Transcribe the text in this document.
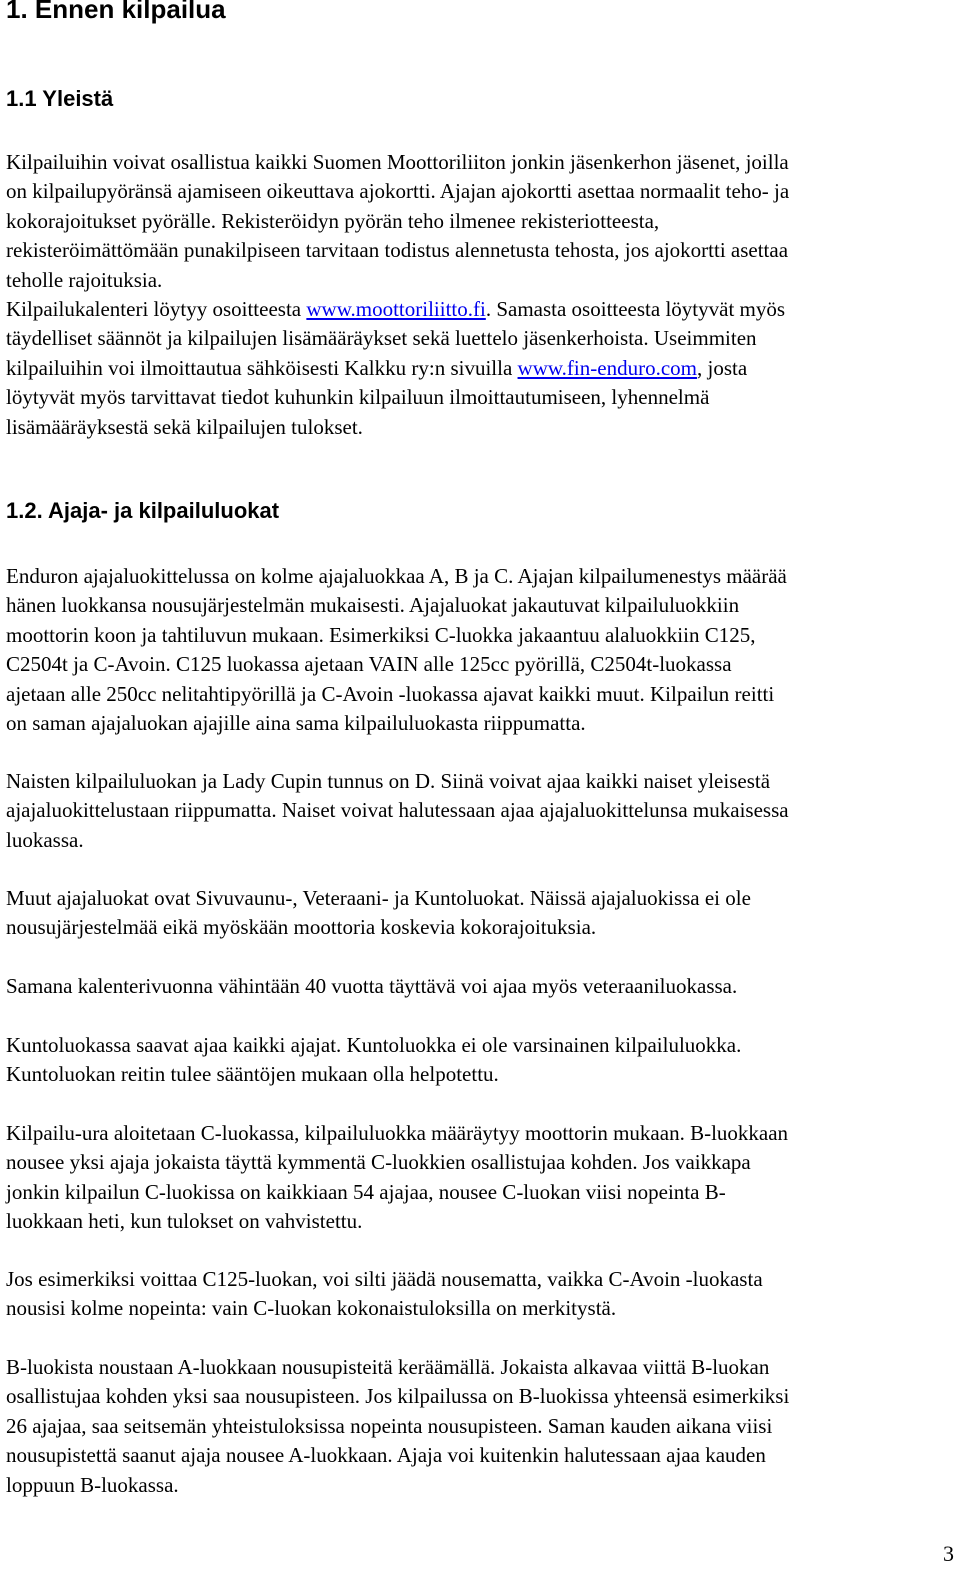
1. Ennen kilpailua
1.1 Yleistä
Kilpailuihin voivat osallistua kaikki Suomen Moottoriliiton jonkin jäsenkerhon jäsenet, joilla
on kilpailupyöränsä ajamiseen oikeuttava ajokortti. Ajajan ajokortti asettaa normaalit teho- ja
kokorajoitukset pyörälle. Rekisteröidyn pyörän teho ilmenee rekisteriotteesta,
rekisteröimättömään punakilpiseen tarvitaan todistus alennetusta tehosta, jos ajokortti asettaa
teholle rajoituksia.
Kilpailukalenteri löytyy osoitteesta www.moottoriliitto.fi. Samasta osoitteesta löytyvät myös
täydelliset säännöt ja kilpailujen lisämääräykset sekä luettelo jäsenkerhoista. Useimmiten
kilpailuihin voi ilmoittautua sähköisesti Kalkku ry:n sivuilla www.fin-enduro.com, josta
löytyvät myös tarvittavat tiedot kuhunkin kilpailuun ilmoittautumiseen, lyhennelmä
lisämääräyksestä sekä kilpailujen tulokset.
1.2. Ajaja- ja kilpailuluokat
Enduron ajajaluokittelussa on kolme ajajaluokkaa A, B ja C. Ajajan kilpailumenestys määrää
hänen luokkansa nousujärjestelmän mukaisesti. Ajajaluokat jakautuvat kilpailuluokkiin
moottorin koon ja tahtiluvun mukaan. Esimerkiksi C-luokka jakaantuu alaluokkiin C125,
C2504t ja C-Avoin. C125 luokassa ajetaan VAIN alle 125cc pyörillä, C2504t-luokassa
ajetaan alle 250cc nelitahtipyörillä ja C-Avoin -luokassa ajavat kaikki muut. Kilpailun reitti
on saman ajajaluokan ajajille aina sama kilpailuluokasta riippumatta.
Naisten kilpailuluokan ja Lady Cupin tunnus on D. Siinä voivat ajaa kaikki naiset yleisestä
ajajaluokittelustaan riippumatta. Naiset voivat halutessaan ajaa ajajaluokittelunsa mukaisessa
luokassa.
Muut ajajaluokat ovat Sivuvaunu-, Veteraani- ja Kuntoluokat. Näissä ajajaluokissa ei ole
nousujärjestelmää eikä myöskään moottoria koskevia kokorajoituksia.
Samana kalenterivuonna vähintään 40 vuotta täyttävä voi ajaa myös veteraaniluokassa.
Kuntoluokassa saavat ajaa kaikki ajajat. Kuntoluokka ei ole varsinainen kilpailuluokka.
Kuntoluokan reitin tulee sääntöjen mukaan olla helpotettu.
Kilpailu-ura aloitetaan C-luokassa, kilpailuluokka määräytyy moottorin mukaan. B-luokkaan
nousee yksi ajaja jokaista täyttä kymmentä C-luokkien osallistujaa kohden. Jos vaikkapa
jonkin kilpailun C-luokissa on kaikkiaan 54 ajajaa, nousee C-luokan viisi nopeinta B-
luokkaan heti, kun tulokset on vahvistettu.
Jos esimerkiksi voittaa C125-luokan, voi silti jäädä nousematta, vaikka C-Avoin -luokasta
nousisi kolme nopeinta: vain C-luokan kokonaistuloksilla on merkitystä.
B-luokista noustaan A-luokkaan nousupisteitä keräämällä. Jokaista alkavaa viittä B-luokan
osallistujaa kohden yksi saa nousupisteen. Jos kilpailussa on B-luokissa yhteensä esimerkiksi
26 ajajaa, saa seitsemän yhteistuloksissa nopeinta nousupisteen. Saman kauden aikana viisi
nousupistettä saanut ajaja nousee A-luokkaan. Ajaja voi kuitenkin halutessaan ajaa kauden
loppuun B-luokassa.
3
